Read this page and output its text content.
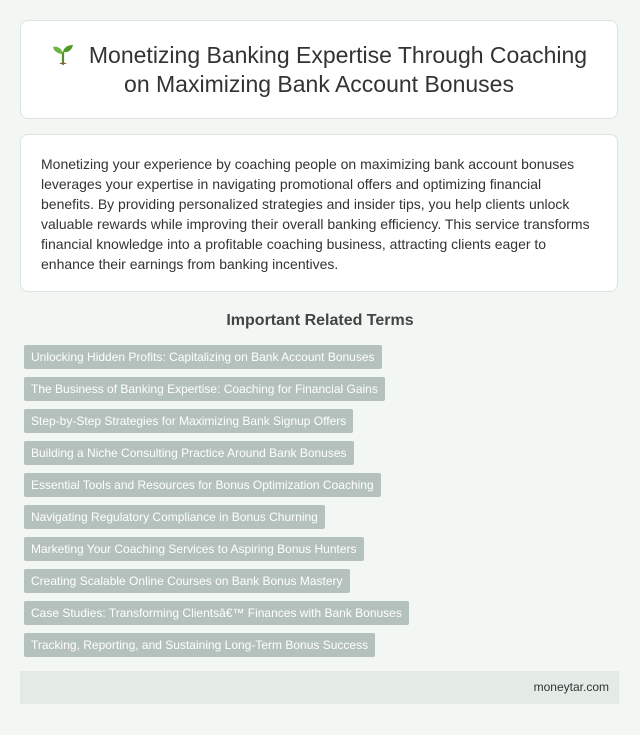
Monetizing Banking Expertise Through Coaching on Maximizing Bank Account Bonuses

Monetizing your experience by coaching people on maximizing bank account bonuses leverages your expertise in navigating promotional offers and optimizing financial benefits. By providing personalized strategies and insider tips, you help clients unlock valuable rewards while improving their overall banking efficiency. This service transforms financial knowledge into a profitable coaching business, attracting clients eager to enhance their earnings from banking incentives.

Important Related Terms
Unlocking Hidden Profits: Capitalizing on Bank Account Bonuses
The Business of Banking Expertise: Coaching for Financial Gains
Step-by-Step Strategies for Maximizing Bank Signup Offers
Building a Niche Consulting Practice Around Bank Bonuses
Essential Tools and Resources for Bonus Optimization Coaching
Navigating Regulatory Compliance in Bonus Churning
Marketing Your Coaching Services to Aspiring Bonus Hunters
Creating Scalable Online Courses on Bank Bonus Mastery
Case Studies: Transforming Clientsâ€™ Finances with Bank Bonuses
Tracking, Reporting, and Sustaining Long-Term Bonus Success
moneytar.com
